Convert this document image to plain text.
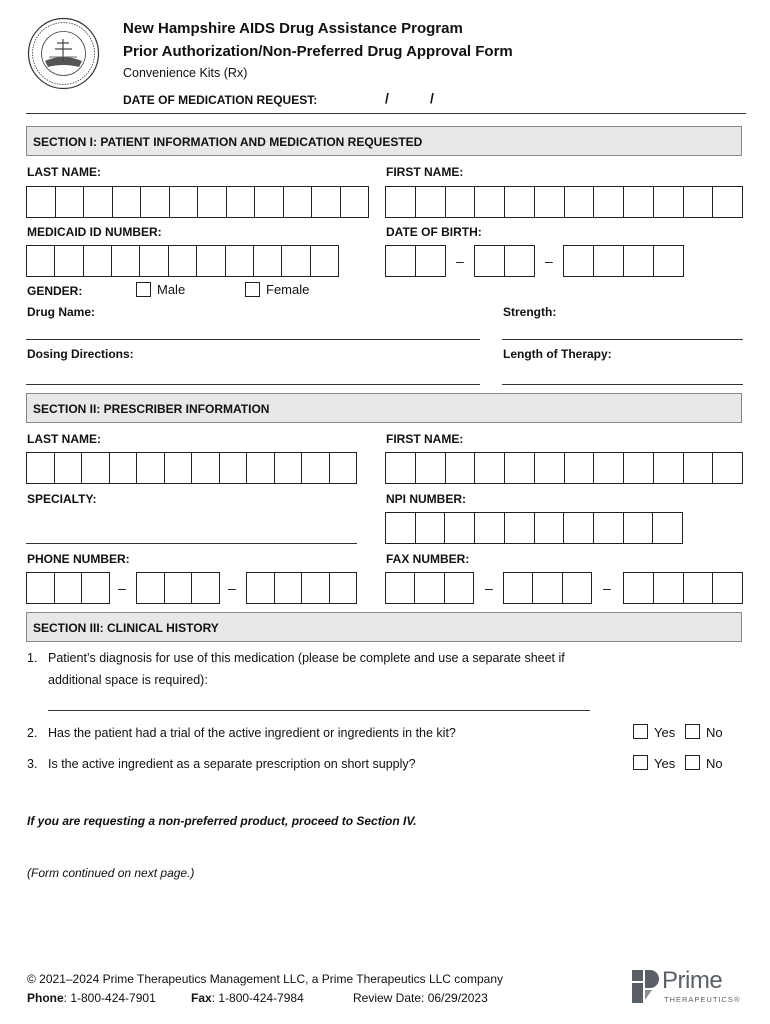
New Hampshire AIDS Drug Assistance Program
Prior Authorization/Non-Preferred Drug Approval Form
Convenience Kits (Rx)
DATE OF MEDICATION REQUEST:	/	/
SECTION I: PATIENT INFORMATION AND MEDICATION REQUESTED
LAST NAME:	FIRST NAME:
MEDICAID ID NUMBER:	DATE OF BIRTH:
–	–
GENDER:	Male	Female
Drug Name:	Strength:
Dosing Directions:	Length of Therapy:
SECTION II: PRESCRIBER INFORMATION
LAST NAME:	FIRST NAME:
SPECIALTY:	NPI NUMBER:
PHONE NUMBER:	FAX NUMBER:
–	–	–	–
SECTION III: CLINICAL HISTORY
1. Patient’s diagnosis for use of this medication (please be complete and use a separate sheet if
additional space is required):
2. Has the patient had a trial of the active ingredient or ingredients in the kit?	Yes No
3. Is the active ingredient as a separate prescription on short supply?	Yes No
If you are requesting a non-preferred product, proceed to Section IV.
(Form continued on next page.)
© 2021–2024 Prime Therapeutics Management LLC, a Prime Therapeutics LLC company
Phone: 1-800-424-7901	Fax: 1-800-424-7984	Review Date: 06/29/2023
Prime
THERAPEUTICS®
